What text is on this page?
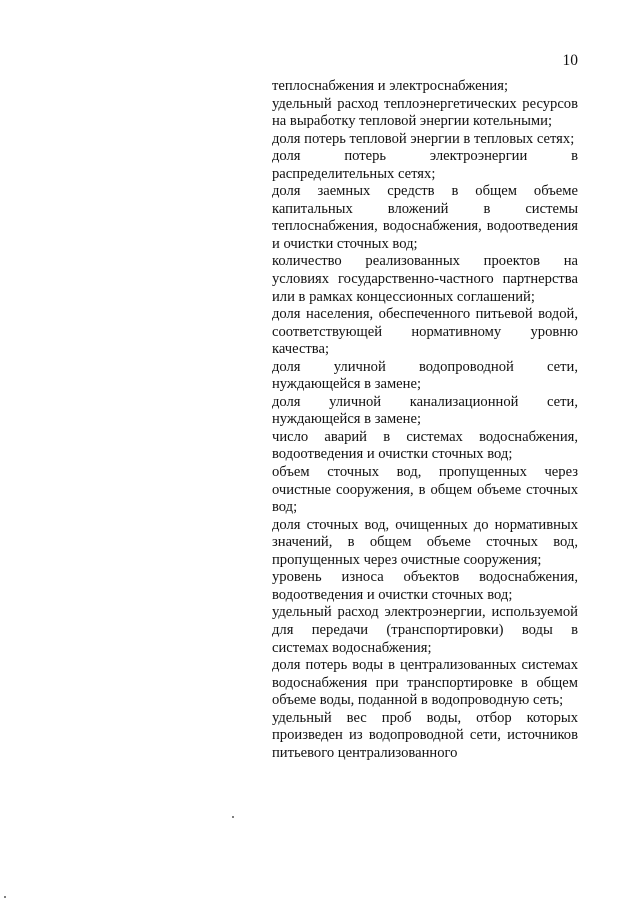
10

теплоснабжения и электроснабжения;

удельный расход теплоэнергетических ресурсов на выработку тепловой энергии котельными;

доля потерь тепловой энергии в тепловых сетях;

доля потерь электроэнергии в распределительных сетях;

доля заемных средств в общем объеме капитальных вложений в системы теплоснабжения, водоснабжения, водоотведения и очистки сточных вод;

количество реализованных проектов на условиях государственно-частного партнерства или в рамках концессионных соглашений;

доля населения, обеспеченного питьевой водой, соответствующей нормативному уровню качества;

доля уличной водопроводной сети, нуждающейся в замене;

доля уличной канализационной сети, нуждающейся в замене;

число аварий в системах водоснабжения, водоотведения и очистки сточных вод;

объем сточных вод, пропущенных через очистные сооружения, в общем объеме сточных вод;

доля сточных вод, очищенных до нормативных значений, в общем объеме сточных вод, пропущенных через очистные сооружения;

уровень износа объектов водоснабжения, водоотведения и очистки сточных вод;

удельный расход электроэнергии, используемой для передачи (транспортировки) воды в системах водоснабжения;

доля потерь воды в централизованных системах водоснабжения при транспортировке в общем объеме воды, поданной в водопроводную сеть;

удельный вес проб воды, отбор которых произведен из водопроводной сети, источников питьевого централизованного
